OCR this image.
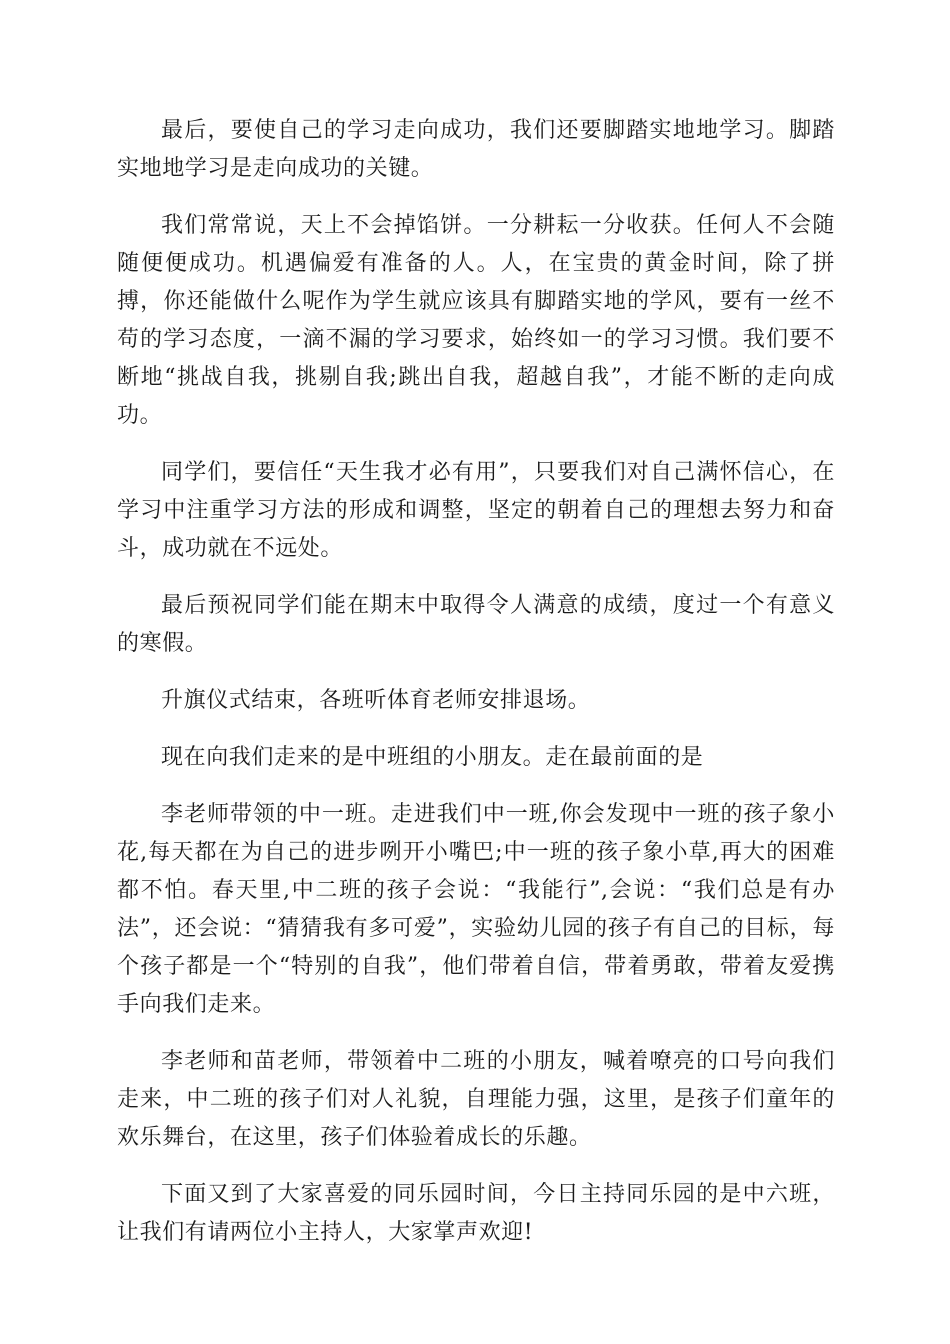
最后，要使自己的学习走向成功，我们还要脚踏实地地学习。脚踏实地地学习是走向成功的关键。

我们常常说，天上不会掉馅饼。一分耕耘一分收获。任何人不会随随便便成功。机遇偏爱有准备的人。人，在宝贵的黄金时间，除了拼搏，你还能做什么呢作为学生就应该具有脚踏实地的学风，要有一丝不苟的学习态度，一滴不漏的学习要求，始终如一的学习习惯。我们要不断地“挑战自我，挑剔自我;跳出自我，超越自我”，才能不断的走向成功。

同学们，要信任“天生我才必有用”，只要我们对自己满怀信心，在学习中注重学习方法的形成和调整，坚定的朝着自己的理想去努力和奋斗，成功就在不远处。

最后预祝同学们能在期末中取得令人满意的成绩，度过一个有意义的寒假。

升旗仪式结束，各班听体育老师安排退场。

现在向我们走来的是中班组的小朋友。走在最前面的是

李老师带领的中一班。走进我们中一班,你会发现中一班的孩子象小花,每天都在为自己的进步咧开小嘴巴;中一班的孩子象小草,再大的困难都不怕。春天里,中二班的孩子会说：“我能行”,会说：“我们总是有办法”，还会说：“猜猜我有多可爱”，实验幼儿园的孩子有自己的目标，每个孩子都是一个“特别的自我”，他们带着自信，带着勇敢，带着友爱携手向我们走来。

李老师和苗老师，带领着中二班的小朋友，喊着嘹亮的口号向我们走来，中二班的孩子们对人礼貌，自理能力强，这里，是孩子们童年的欢乐舞台，在这里，孩子们体验着成长的乐趣。

下面又到了大家喜爱的同乐园时间，今日主持同乐园的是中六班，让我们有请两位小主持人，大家掌声欢迎!
